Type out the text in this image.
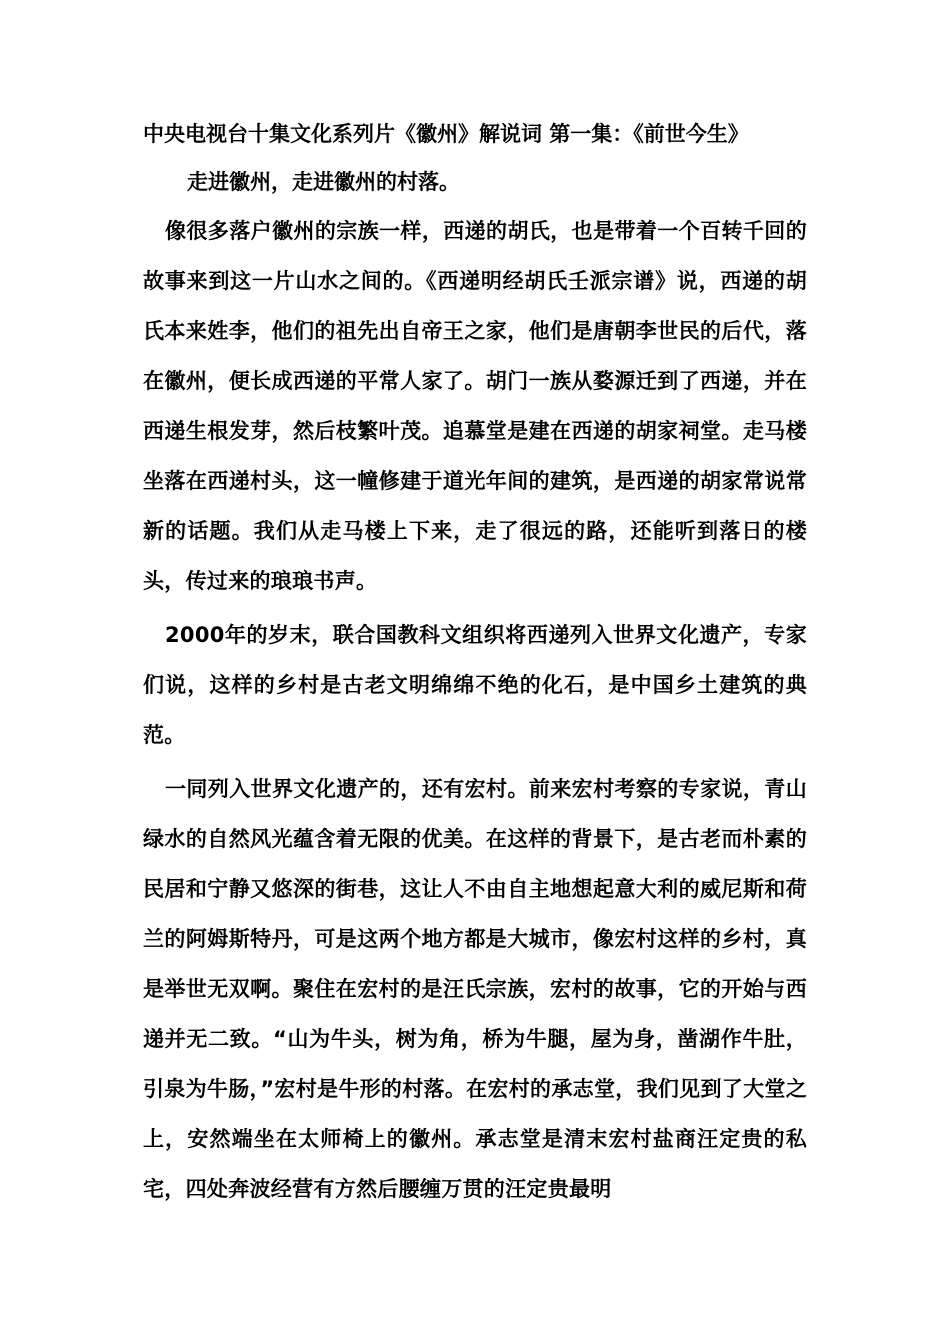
中央电视台十集文化系列片《徽州》解说词 第一集：《前世今生》

走进徽州，走进徽州的村落。

像很多落户徽州的宗族一样，西递的胡氏，也是带着一个百转千回的故事来到这一片山水之间的。《西递明经胡氏壬派宗谱》说，西递的胡氏本来姓李，他们的祖先出自帝王之家，他们是唐朝李世民的后代，落在徽州，便长成西递的平常人家了。胡门一族从婺源迁到了西递，并在西递生根发芽，然后枝繁叶茂。追慕堂是建在西递的胡家祠堂。走马楼坐落在西递村头，这一幢修建于道光年间的建筑，是西递的胡家常说常新的话题。我们从走马楼上下来，走了很远的路，还能听到落日的楼头，传过来的琅琅书声。

2000年的岁末，联合国教科文组织将西递列入世界文化遗产，专家们说，这样的乡村是古老文明绵绵不绝的化石，是中国乡土建筑的典范。

一同列入世界文化遗产的，还有宏村。前来宏村考察的专家说，青山绿水的自然风光蕴含着无限的优美。在这样的背景下，是古老而朴素的民居和宁静又悠深的街巷，这让人不由自主地想起意大利的威尼斯和荷兰的阿姆斯特丹，可是这两个地方都是大城市，像宏村这样的乡村，真是举世无双啊。聚住在宏村的是汪氏宗族，宏村的故事，它的开始与西递并无二致。“山为牛头，树为角，桥为牛腿，屋为身，凿湖作牛肚，引泉为牛肠，”宏村是牛形的村落。在宏村的承志堂，我们见到了大堂之上，安然端坐在太师椅上的徽州。承志堂是清末宏村盐商汪定贵的私宅，四处奔波经营有方然后腰缠万贯的汪定贵最明
